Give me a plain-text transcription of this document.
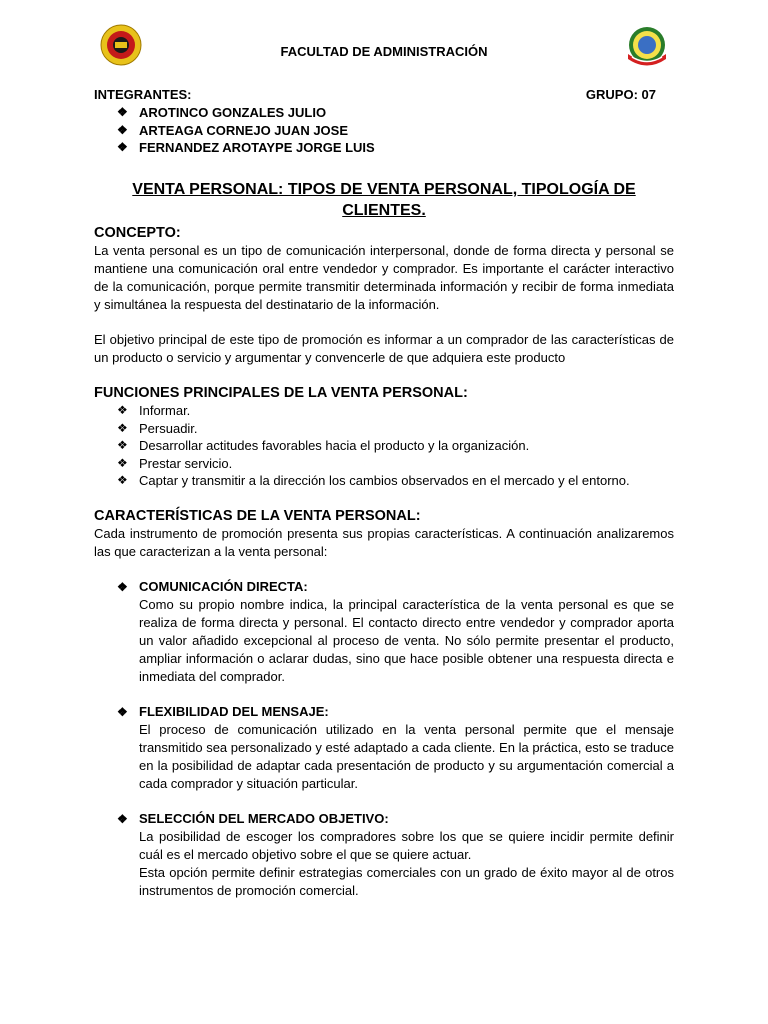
FACULTAD DE ADMINISTRACIÓN
INTEGRANTES:	GRUPO: 07
❖ AROTINCO GONZALES JULIO
❖ ARTEAGA CORNEJO JUAN JOSE
❖ FERNANDEZ AROTAYPE JORGE LUIS
VENTA PERSONAL: TIPOS DE VENTA PERSONAL, TIPOLOGÍA DE CLIENTES.
CONCEPTO:

La venta personal es un tipo de comunicación interpersonal, donde de forma directa y personal se mantiene una comunicación oral entre vendedor y comprador. Es importante el carácter interactivo de la comunicación, porque permite transmitir determinada información y recibir de forma inmediata y simultánea la respuesta del destinatario de la información.

El objetivo principal de este tipo de promoción es informar a un comprador de las características de un producto o servicio y argumentar y convencerle de que adquiera este producto

FUNCIONES PRINCIPALES DE LA VENTA PERSONAL:
❖ Informar.
❖ Persuadir.
❖ Desarrollar actitudes favorables hacia el producto y la organización.
❖ Prestar servicio.
❖ Captar y transmitir a la dirección los cambios observados en el mercado y el entorno.
CARACTERÍSTICAS DE LA VENTA PERSONAL:

Cada instrumento de promoción presenta sus propias características. A continuación analizaremos las que caracterizan a la venta personal:

❖ COMUNICACIÓN DIRECTA:

Como su propio nombre indica, la principal característica de la venta personal es que se realiza de forma directa y personal. El contacto directo entre vendedor y comprador aporta un valor añadido excepcional al proceso de venta. No sólo permite presentar el producto, ampliar información o aclarar dudas, sino que hace posible obtener una respuesta directa e inmediata del comprador.

❖ FLEXIBILIDAD DEL MENSAJE:

El proceso de comunicación utilizado en la venta personal permite que el mensaje transmitido sea personalizado y esté adaptado a cada cliente. En la práctica, esto se traduce en la posibilidad de adaptar cada presentación de producto y su argumentación comercial a cada comprador y situación particular.

❖ SELECCIÓN DEL MERCADO OBJETIVO:

La posibilidad de escoger los compradores sobre los que se quiere incidir permite definir cuál es el mercado objetivo sobre el que se quiere actuar.

Esta opción permite definir estrategias comerciales con un grado de éxito mayor al de otros instrumentos de promoción comercial.
